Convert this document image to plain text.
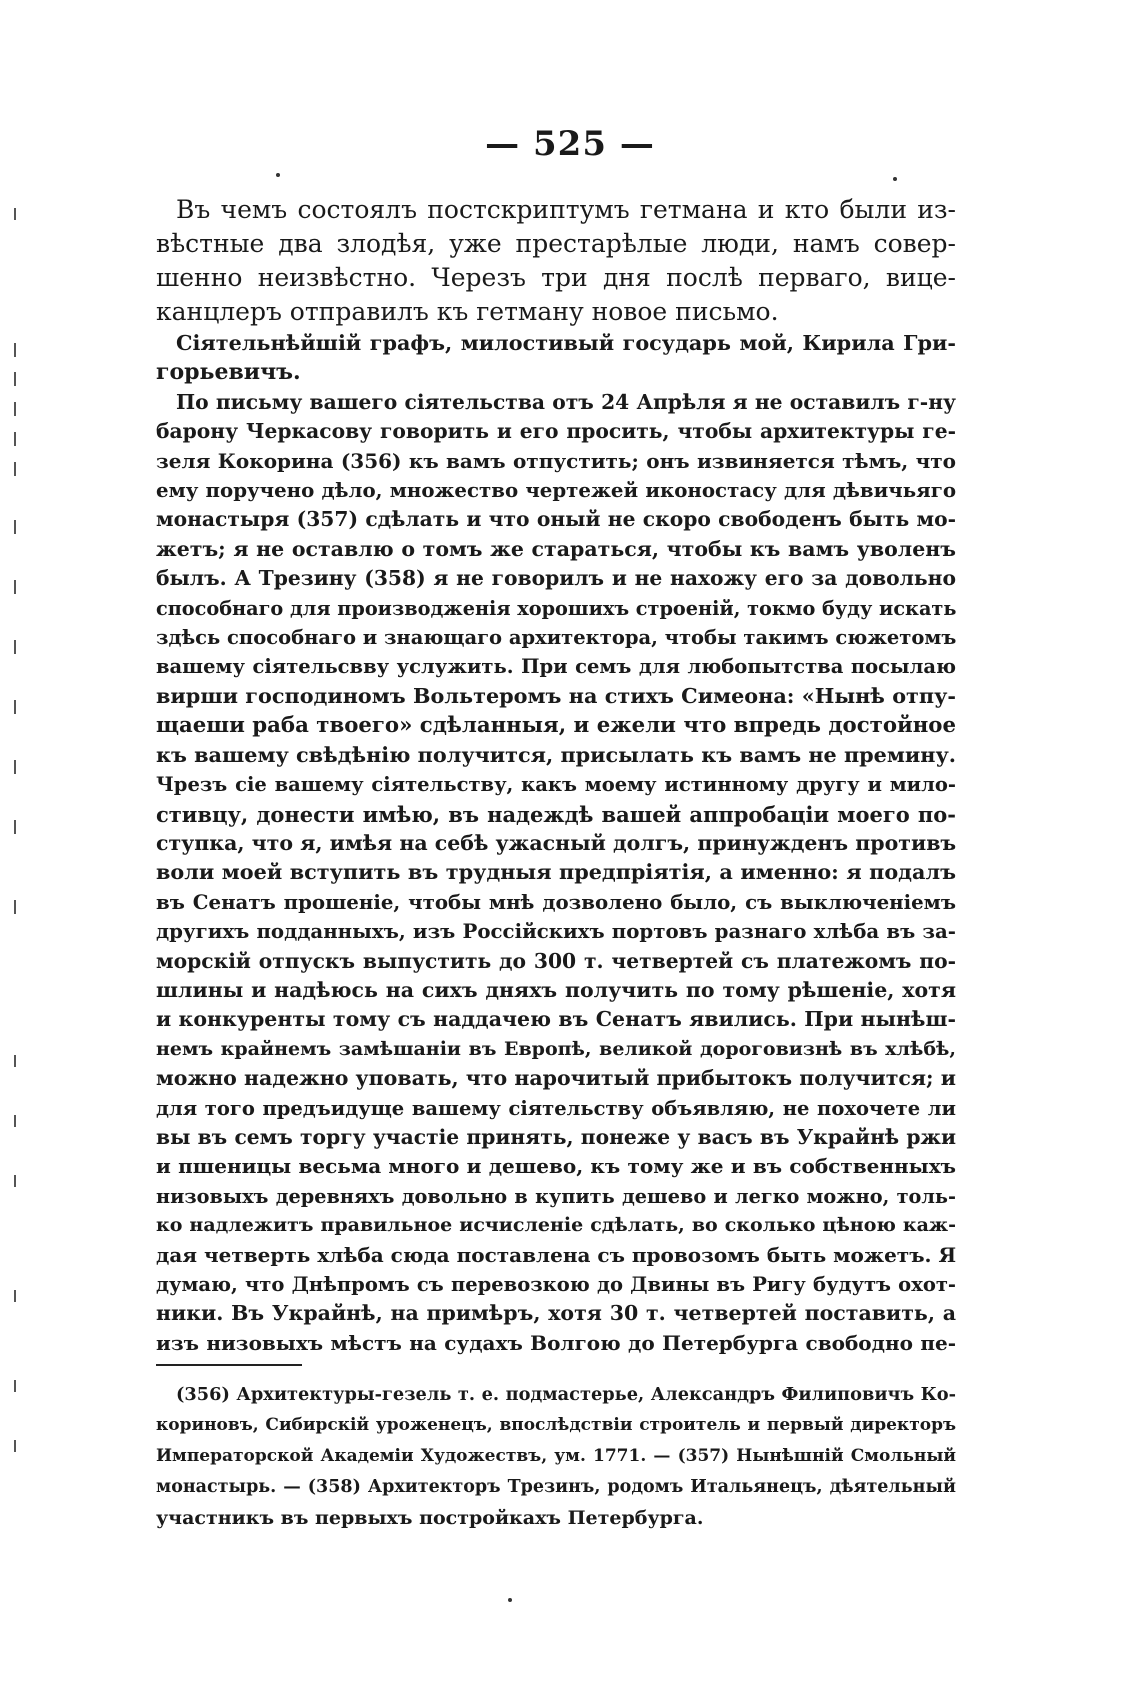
— 525 —

Въ чемъ состоялъ постскриптумъ гетмана и кто были из-
вѣстные два злодѣя, уже престарѣлые люди, намъ совер-
шенно неизвѣстно. Черезъ три дня послѣ перваго, вице-
канцлеръ отправилъ къ гетману новое письмо.

Сіятельнѣйшій графъ, милостивый государь мой, Кирила Гри-
горьевичъ.

По письму вашего сіятельства отъ 24 Апрѣля я не оставилъ г-ну
барону Черкасову говорить и его просить, чтобы архитектуры ге-
зеля Кокорина (356) къ вамъ отпустить; онъ извиняется тѣмъ, что
ему поручено дѣло, множество чертежей иконостасу для дѣвичьяго
монастыря (357) сдѣлать и что оный не скоро свободенъ быть мо-
жетъ; я не оставлю о томъ же стараться, чтобы къ вамъ уволенъ
былъ. А Трезину (358) я не говорилъ и не нахожу его за довольно
способнаго для производженія хорошихъ строеній, токмо буду искать
здѣсь способнаго и знающаго архитектора, чтобы такимъ сюжетомъ
вашему сіятельсвву услужить. При семъ для любопытства посылаю
вирши господиномъ Вольтеромъ на стихъ Симеона: «Нынѣ отпу-
щаеши раба твоего» сдѣланныя, и ежели что впредь достойное
къ вашему свѣдѣнію получится, присылать къ вамъ не премину.
Чрезъ сіе вашему сіятельству, какъ моему истинному другу и мило-
стивцу, донести имѣю, въ надеждѣ вашей аппробаціи моего по-
ступка, что я, имѣя на себѣ ужасный долгъ, принужденъ противъ
воли моей вступить въ трудныя предпріятія, а именно: я подалъ
въ Сенатъ прошеніе, чтобы мнѣ дозволено было, съ выключеніемъ
другихъ подданныхъ, изъ Россійскихъ портовъ разнаго хлѣба въ за-
морскій отпускъ выпустить до 300 т. четвертей съ платежомъ по-
шлины и надѣюсь на сихъ дняхъ получить по тому рѣшеніе, хотя
и конкуренты тому съ наддачею въ Сенатъ явились. При нынѣш-
немъ крайнемъ замѣшаніи въ Европѣ, великой дороговизнѣ въ хлѣбѣ,
можно надежно уповать, что нарочитый прибытокъ получится; и
для того предъидуще вашему сіятельству объявляю, не похочете ли
вы въ семъ торгу участіе принять, понеже у васъ въ Украйнѣ ржи
и пшеницы весьма много и дешево, къ тому же и въ собственныхъ
низовыхъ деревняхъ довольно в купить дешево и легко можно, толь-
ко надлежитъ правильное исчисленіе сдѣлать, во сколько цѣною каж-
дая четверть хлѣба сюда поставлена съ провозомъ быть можетъ. Я
думаю, что Днѣпромъ съ перевозкою до Двины въ Ригу будутъ охот-
ники. Въ Украйнѣ, на примѣръ, хотя 30 т. четвертей поставить, а
изъ низовыхъ мѣстъ на судахъ Волгою до Петербурга свободно пе-

(356) Архитектуры-гезель т. е. подмастерье, Александръ Филиповичъ Ко-
кориновъ, Сибирскій уроженецъ, впослѣдствіи строитель и первый директоръ
Императорской Академіи Художествъ, ум. 1771. — (357) Нынѣшній Смольный
монастырь. — (358) Архитекторъ Трезинъ, родомъ Итальянецъ, дѣятельный
участникъ въ первыхъ постройкахъ Петербурга.
